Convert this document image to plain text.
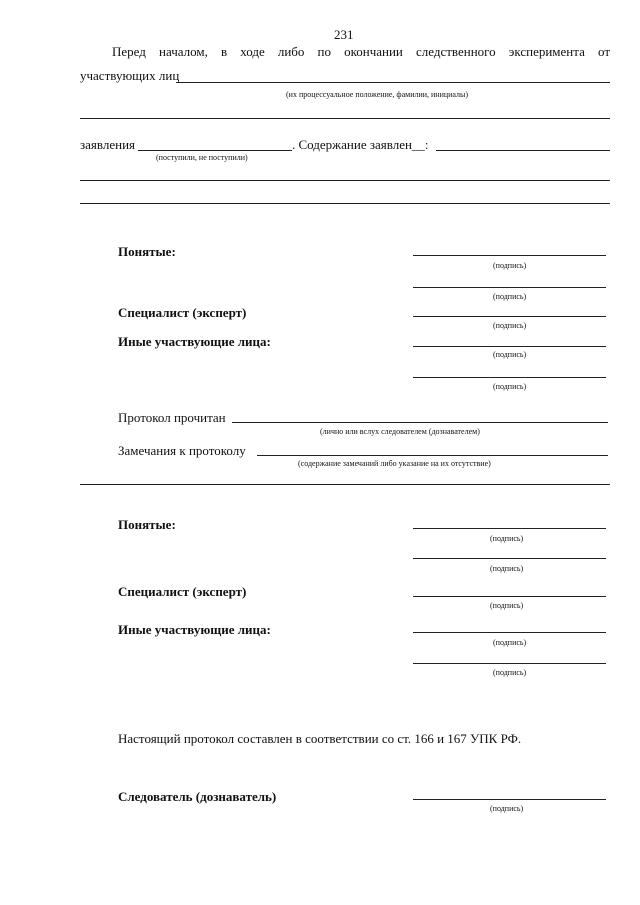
231
Перед началом, в ходе либо по окончании следственного эксперимента от
участвующих лиц
(их процессуальное положение, фамилии, инициалы)
заявления	. Содержание заявлен__:
(поступили, не поступили)
Понятые:
(подпись)
(подпись)
Специалист (эксперт)
(подпись)
Иные участвующие лица:
(подпись)
(подпись)
Протокол прочитан
(лично или вслух следователем (дознавателем)
Замечания к протоколу
(содержание замечаний либо указание на их отсутствие)
Понятые:
(подпись)
(подпись)
Специалист (эксперт)
(подпись)
Иные участвующие лица:
(подпись)
(подпись)
Настоящий протокол составлен в соответствии со ст. 166 и 167 УПК РФ.
Следователь (дознаватель)
(подпись)
